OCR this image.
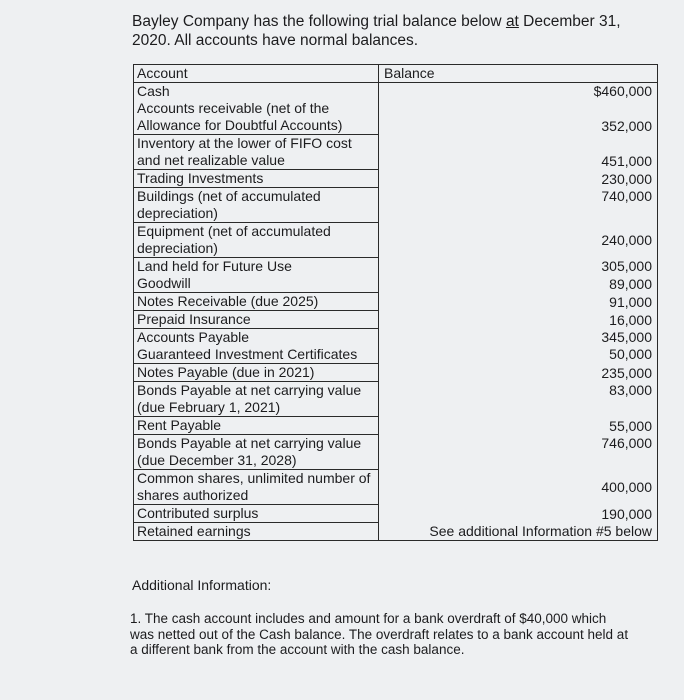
Bayley Company has the following trial balance below at December 31, 2020. All accounts have normal balances.
Account	Balance
Cash	$460,000
Accounts receivable (net of the Allowance for Doubtful Accounts)	352,000
Inventory at the lower of FIFO cost and net realizable value	451,000
Trading Investments	230,000
Buildings (net of accumulated depreciation)	740,000
Equipment (net of accumulated depreciation)	240,000
Land held for Future Use	305,000
Goodwill	89,000
Notes Receivable (due 2025)	91,000
Prepaid Insurance	16,000
Accounts Payable	345,000
Guaranteed Investment Certificates	50,000
Notes Payable (due in 2021)	235,000
Bonds Payable at net carrying value (due February 1, 2021)	83,000
Rent Payable	55,000
Bonds Payable at net carrying value (due December 31, 2028)	746,000
Common shares, unlimited number of shares authorized	400,000
Contributed surplus	190,000
Retained earnings	See additional Information #5 below
Additional Information:
1. The cash account includes and amount for a bank overdraft of $40,000 which was netted out of the Cash balance. The overdraft relates to a bank account held at a different bank from the account with the cash balance.
